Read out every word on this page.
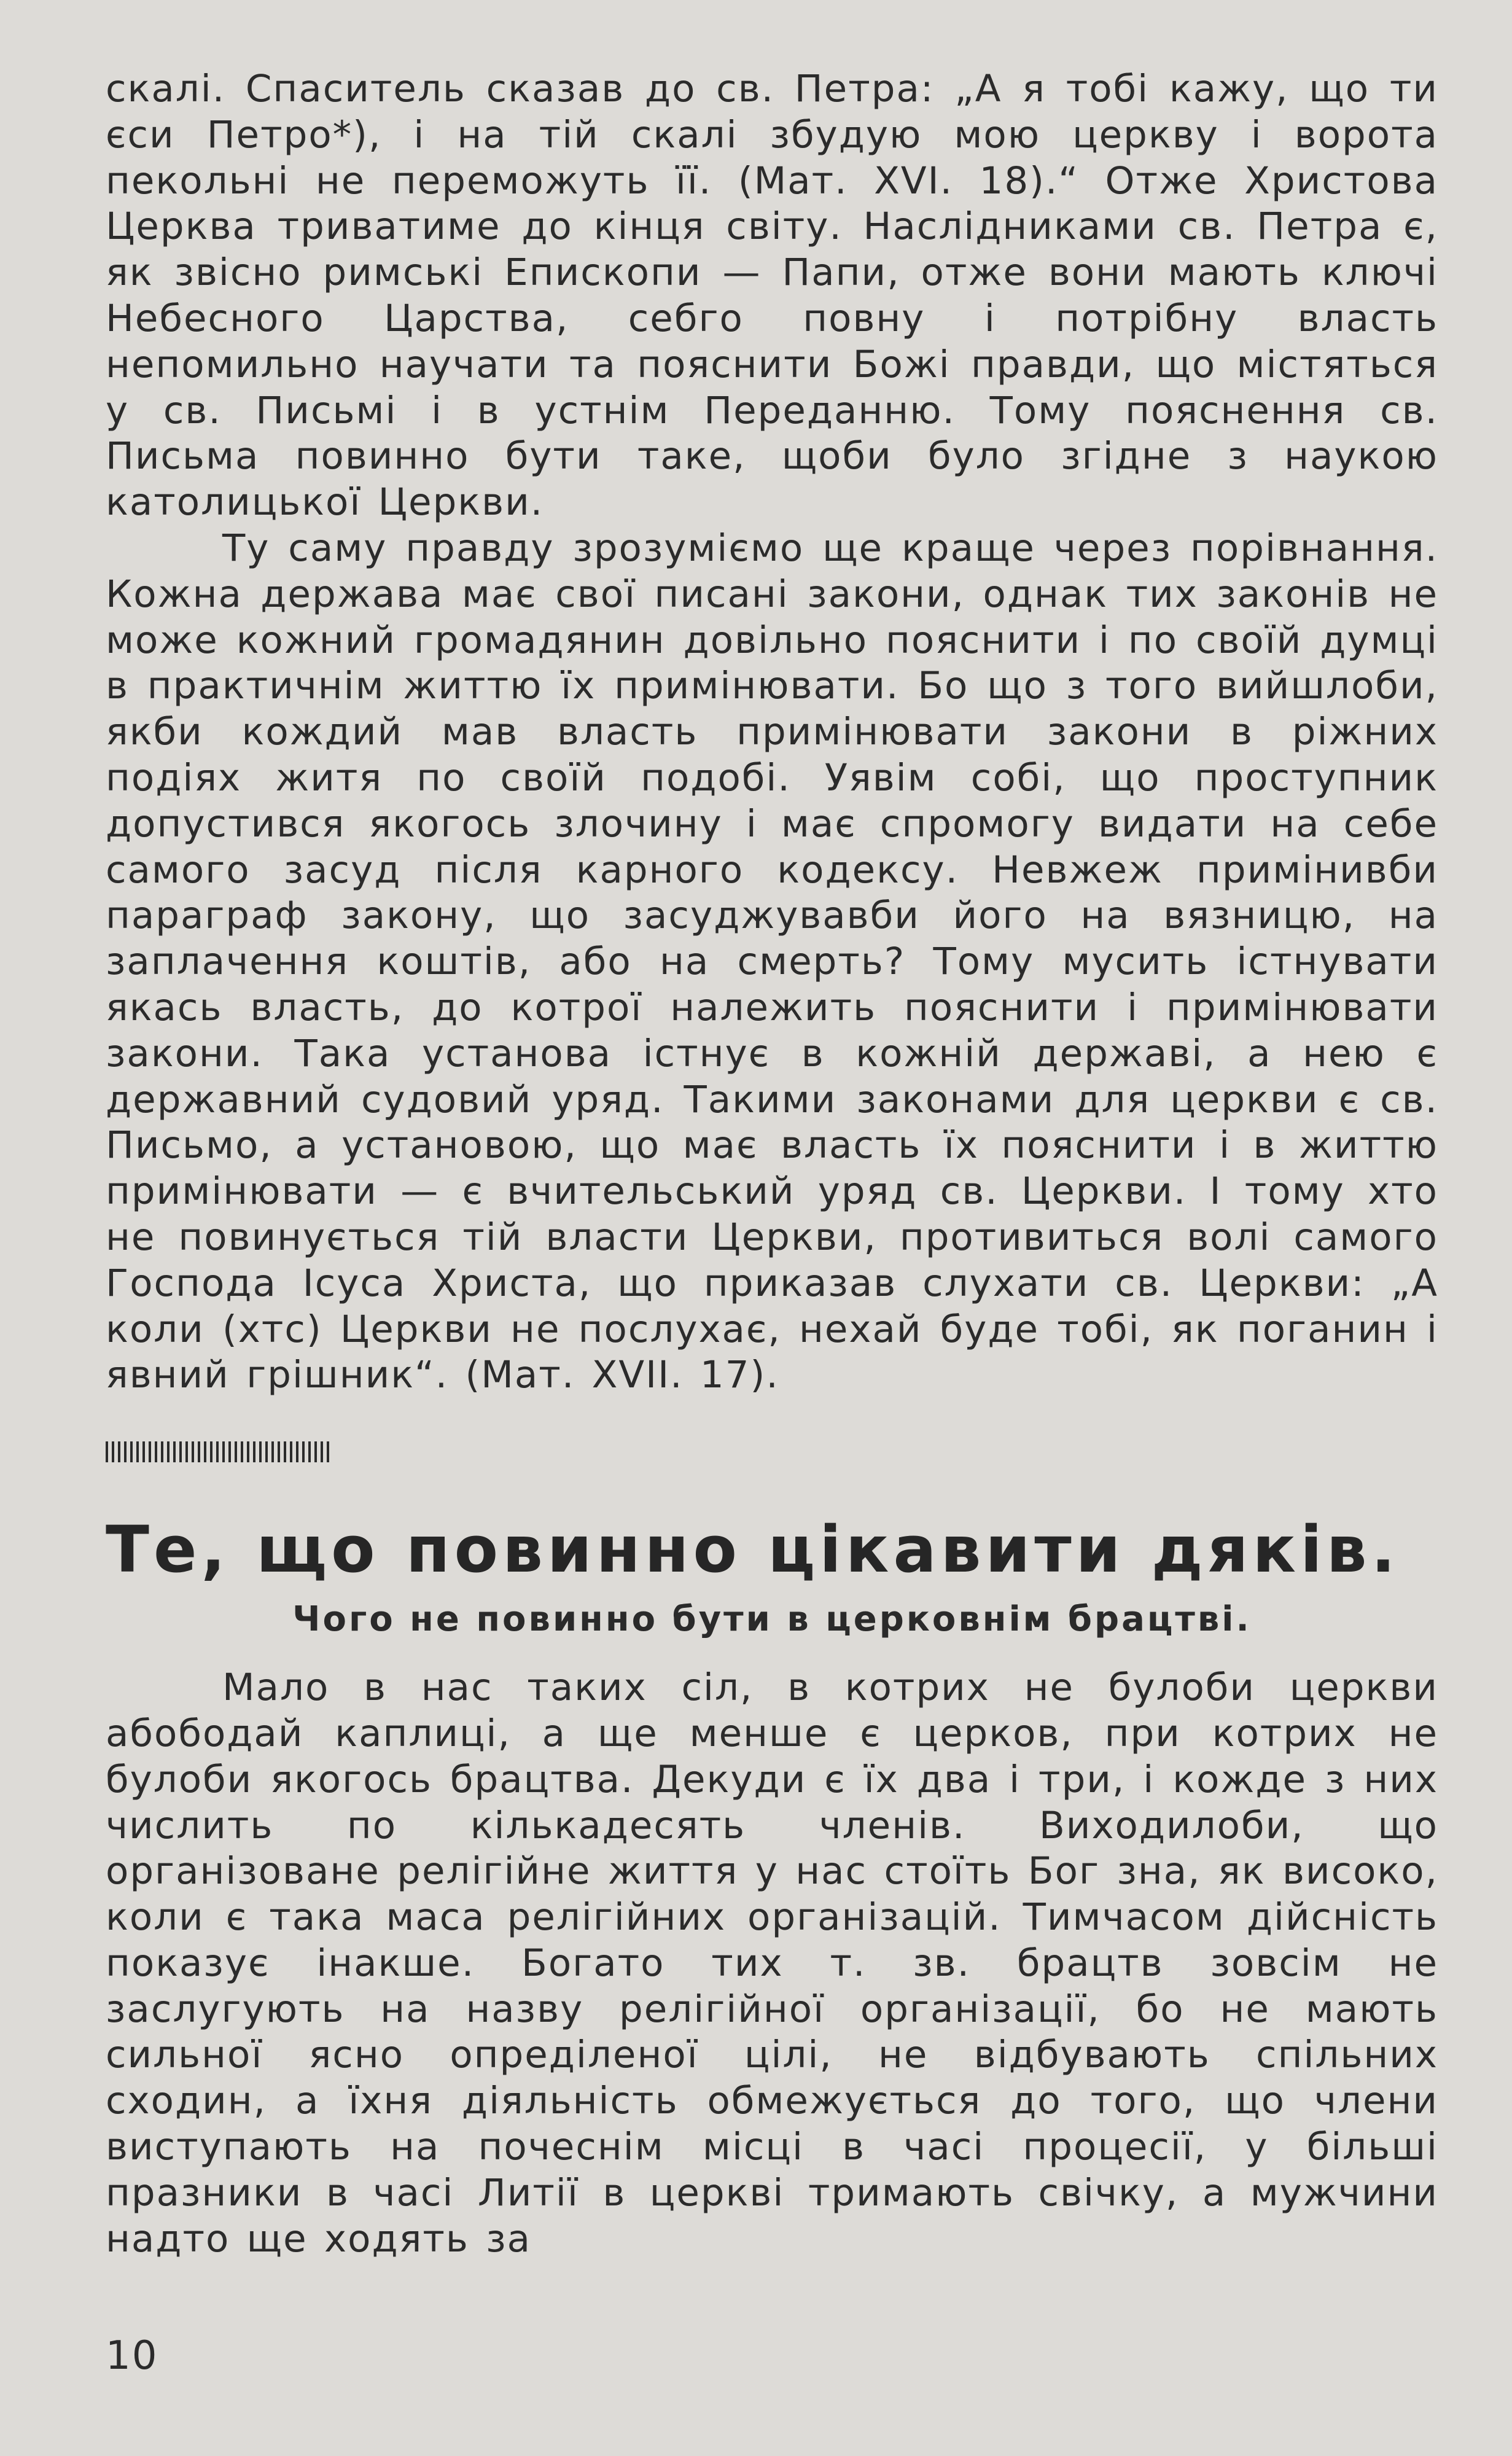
скалі. Спаситель сказав до св. Петра: „А я тобі кажу, що ти єси Петро*), і на тій скалі збудую мою церкву і ворота пекольні не переможуть її. (Мат. XVI. 18).“ Отже Христова Церква триватиме до кінця світу. Наслідниками св. Петра є, як звісно римські Епископи — Папи, отже вони мають ключі Небесного Царства, себго повну і потрібну власть непомильно научати та пояснити Божі правди, що містяться у св. Письмі і в устнім Переданню. Тому пояснення св. Письма повинно бути таке, щоби було згідне з наукою католицької Церкви.

Ту саму правду зрозуміємо ще краще через порівнання. Кожна держава має свої писані закони, однак тих законів не може кожний громадянин довільно пояснити і по своїй думці в практичнім життю їх примінювати. Бо що з того вийшлоби, якби кождий мав власть примінювати закони в ріжних подіях житя по своїй подобі. Уявім собі, що проступник допустився якогось злочину і має спромогу видати на себе самого засуд після карного кодексу. Невжеж примінивби параграф закону, що засуджувавби його на вязницю, на заплачення коштів, або на смерть? Тому мусить істнувати якась власть, до котрої належить пояснити і примінювати закони. Така установа істнує в кожній державі, а нею є державний судовий уряд. Такими законами для церкви є св. Письмо, а установою, що має власть їх пояснити і в життю примінювати — є вчительський уряд св. Церкви. І тому хто не повинується тій власти Церкви, противиться волі самого Господа Ісуса Христа, що приказав слухати св. Церкви: „А коли (хтс) Церкви не послухає, нехай буде тобі, як поганин і явний грішник“. (Мат. XVII. 17).

Те, що повинно цікавити дяків.
Чого не повинно бути в церковнім брацтві.

Мало в нас таких сіл, в котрих не булоби церкви абободай каплиці, а ще менше є церков, при котрих не булоби якогось брацтва. Декуди є їх два і три, і кожде з них числить по кількадесять членів. Виходилоби, що організоване релігійне життя у нас стоїть Бог зна, як високо, коли є така маса релігійних організацій. Тимчасом дійсність показує інакше. Богато тих т. зв. брацтв зовсім не заслугують на назву релігійної організації, бо не мають сильної ясно опреділеної цілі, не відбувають спільних сходин, а їхня діяльність обмежується до того, що члени виступають на почеснім місці в часі процесії, у більші празники в часі Литії в церкві тримають свічку, а мужчини надто ще ходять за

10
